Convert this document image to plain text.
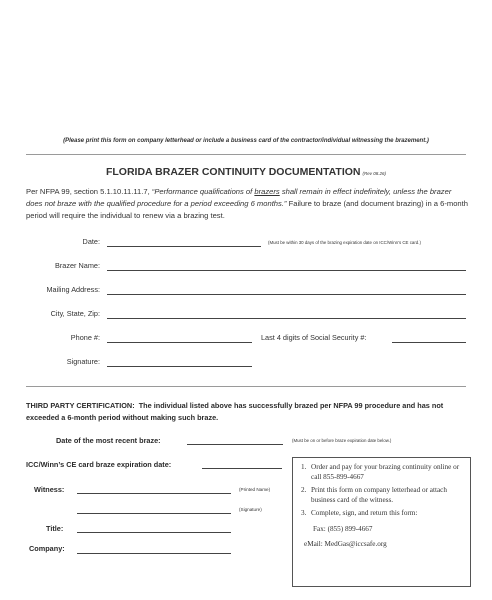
(Please print this form on company letterhead or include a business card of the contractor/individual witnessing the brazement.)
FLORIDA BRAZER CONTINUITY DOCUMENTATION (Rev 08.26)
Per NFPA 99, section 5.1.10.11.11.7, “Performance qualifications of brazers shall remain in effect indefinitely, unless the brazer does not braze with the qualified procedure for a period exceeding 6 months.” Failure to braze (and document brazing) in a 6-month period will require the individual to renew via a brazing test.
Date:	(Must be within 30 days of the brazing expiration date on ICC/Winn’s CE card.)
Brazer Name:
Mailing Address:
City, State, Zip:
Phone #:	Last 4 digits of Social Security #:
Signature:
THIRD PARTY CERTIFICATION: The individual listed above has successfully brazed per NFPA 99 procedure and has not exceeded a 6-month period without making such braze.
Date of the most recent braze:	(Must be on or before braze expiration date below.)
ICC/Winn’s CE card braze expiration date:
Witness:	(Printed Name)
(Signature)
Title:
Company:
1. Order and pay for your brazing continuity online or call 855-899-4667
2. Print this form on company letterhead or attach business card of the witness.
3. Complete, sign, and return this form:
Fax: (855) 899-4667
eMail: MedGas@iccsafe.org
